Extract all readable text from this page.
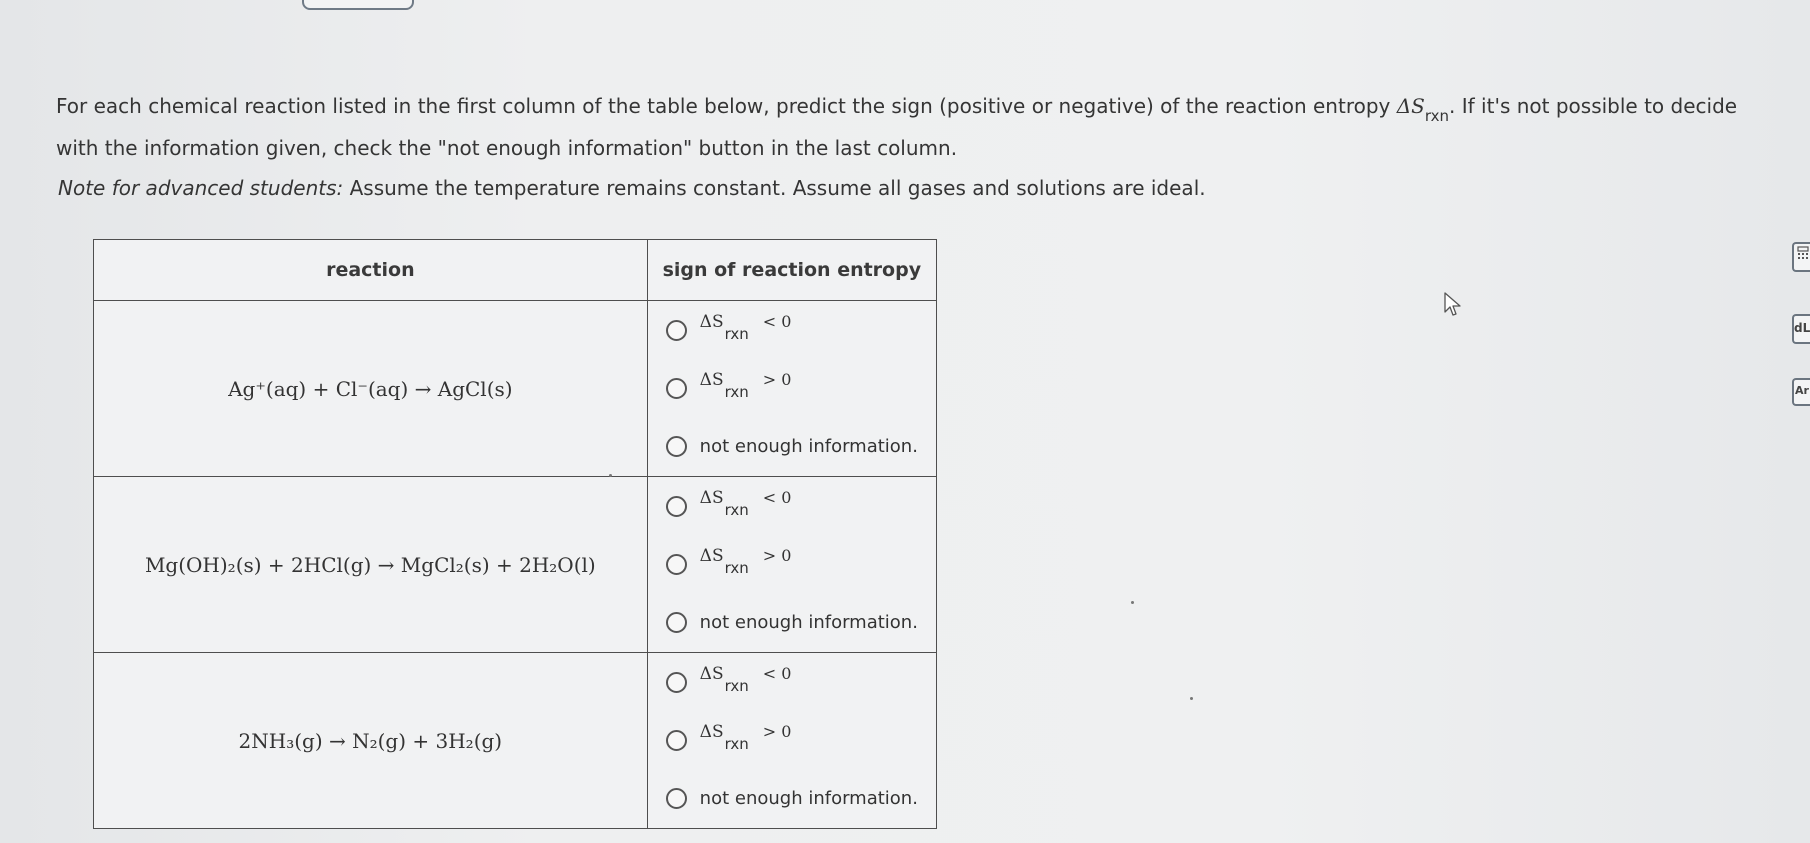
For each chemical reaction listed in the first column of the table below, predict the sign (positive or negative) of the reaction entropy $\Delta S_{rxn}$. If it's not possible to decide with the information given, check the "not enough information" button in the last column.
Note for advanced students: Assume the temperature remains constant. Assume all gases and solutions are ideal.
reaction	sign of reaction entropy
Ag⁺(aq) + Cl⁻(aq) → AgCl(s)	ΔSrxn< 0
ΔSrxn> 0
not enough information.

Mg(OH)₂(s) + 2HCl(g) → MgCl₂(s) + 2H₂O(l)	ΔSrxn< 0
ΔSrxn> 0
not enough information.

2NH₃(g) → N₂(g) + 3H₂(g)	ΔSrxn< 0
ΔSrxn> 0
not enough information.
dL
Ar
